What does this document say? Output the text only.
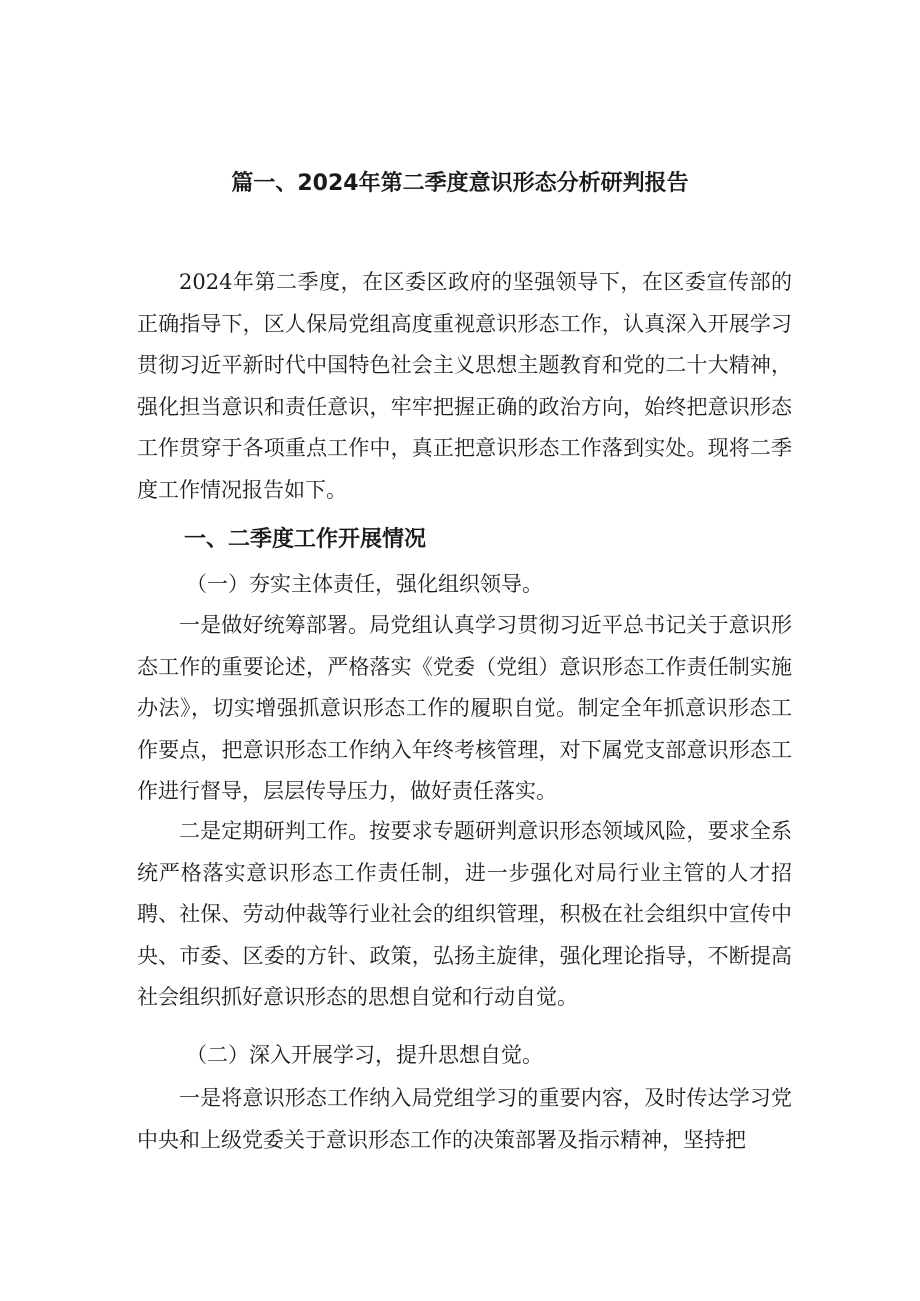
篇一、2024年第二季度意识形态分析研判报告

2024年第二季度，在区委区政府的坚强领导下，在区委宣传部的正确指导下，区人保局党组高度重视意识形态工作，认真深入开展学习贯彻习近平新时代中国特色社会主义思想主题教育和党的二十大精神，强化担当意识和责任意识，牢牢把握正确的政治方向，始终把意识形态工作贯穿于各项重点工作中，真正把意识形态工作落到实处。现将二季度工作情况报告如下。

一、二季度工作开展情况
（一）夯实主体责任，强化组织领导。

一是做好统筹部署。局党组认真学习贯彻习近平总书记关于意识形态工作的重要论述，严格落实《党委（党组）意识形态工作责任制实施办法》，切实增强抓意识形态工作的履职自觉。制定全年抓意识形态工作要点，把意识形态工作纳入年终考核管理，对下属党支部意识形态工作进行督导，层层传导压力，做好责任落实。

二是定期研判工作。按要求专题研判意识形态领域风险，要求全系统严格落实意识形态工作责任制，进一步强化对局行业主管的人才招聘、社保、劳动仲裁等行业社会的组织管理，积极在社会组织中宣传中央、市委、区委的方针、政策，弘扬主旋律，强化理论指导，不断提高社会组织抓好意识形态的思想自觉和行动自觉。

（二）深入开展学习，提升思想自觉。

一是将意识形态工作纳入局党组学习的重要内容，及时传达学习党中央和上级党委关于意识形态工作的决策部署及指示精神，坚持把
